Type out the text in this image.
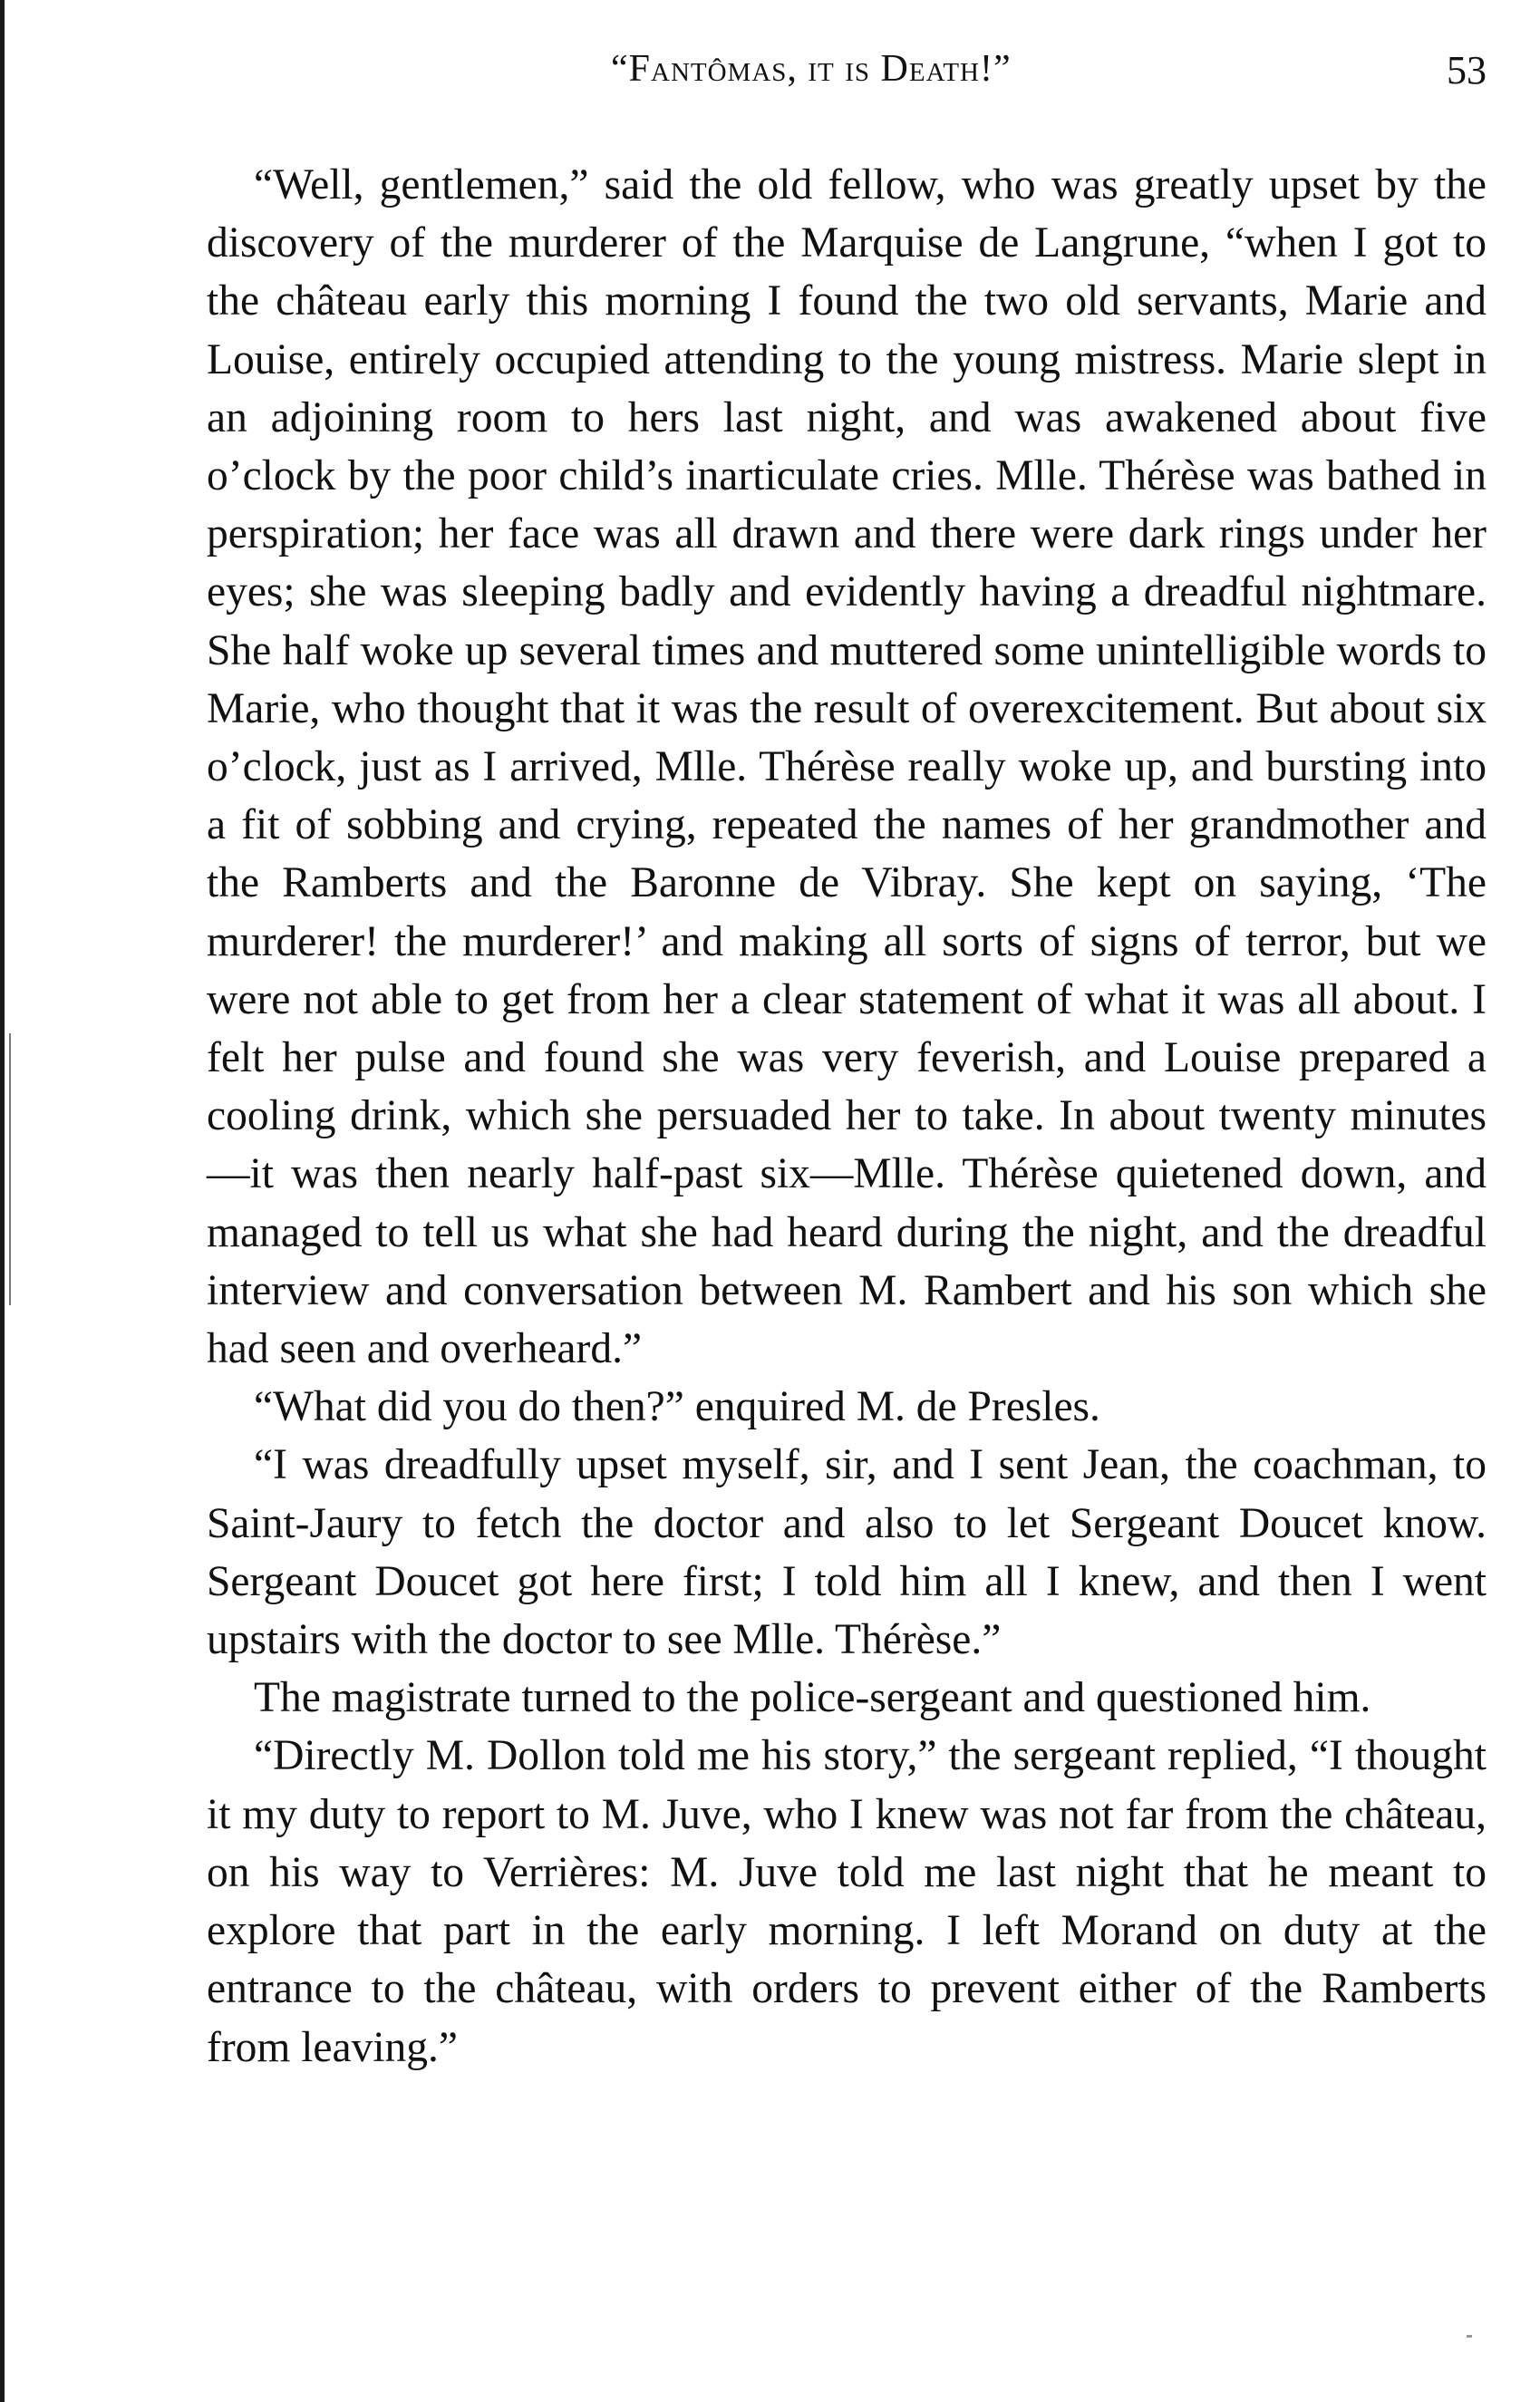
“Fantômas, it is Death!”	53

“Well, gentlemen,” said the old fellow, who was greatly upset by the discovery of the murderer of the Marquise de Langrune, “when I got to the château early this morning I found the two old servants, Marie and Louise, entirely occupied attending to the young mistress. Marie slept in an adjoining room to hers last night, and was awakened about five o’clock by the poor child’s inarticulate cries. Mlle. Thérèse was bathed in perspiration; her face was all drawn and there were dark rings under her eyes; she was sleeping badly and evidently having a dreadful nightmare. She half woke up several times and muttered some unintelligible words to Marie, who thought that it was the result of overexcitement. But about six o’clock, just as I arrived, Mlle. Thérèse really woke up, and bursting into a fit of sobbing and crying, repeated the names of her grandmother and the Ramberts and the Baronne de Vibray. She kept on saying, ‘The murderer! the murderer!’ and making all sorts of signs of terror, but we were not able to get from her a clear statement of what it was all about. I felt her pulse and found she was very feverish, and Louise prepared a cooling drink, which she persuaded her to take. In about twenty minutes—it was then nearly half-past six—Mlle. Thérèse quietened down, and managed to tell us what she had heard during the night, and the dreadful interview and conversation between M. Rambert and his son which she had seen and overheard.”

“What did you do then?” enquired M. de Presles.

“I was dreadfully upset myself, sir, and I sent Jean, the coachman, to Saint-Jaury to fetch the doctor and also to let Sergeant Doucet know. Sergeant Doucet got here first; I told him all I knew, and then I went upstairs with the doctor to see Mlle. Thérèse.”

The magistrate turned to the police-sergeant and questioned him.

“Directly M. Dollon told me his story,” the sergeant replied, “I thought it my duty to report to M. Juve, who I knew was not far from the château, on his way to Verrières: M. Juve told me last night that he meant to explore that part in the early morning. I left Morand on duty at the entrance to the château, with orders to prevent either of the Ramberts from leaving.”
